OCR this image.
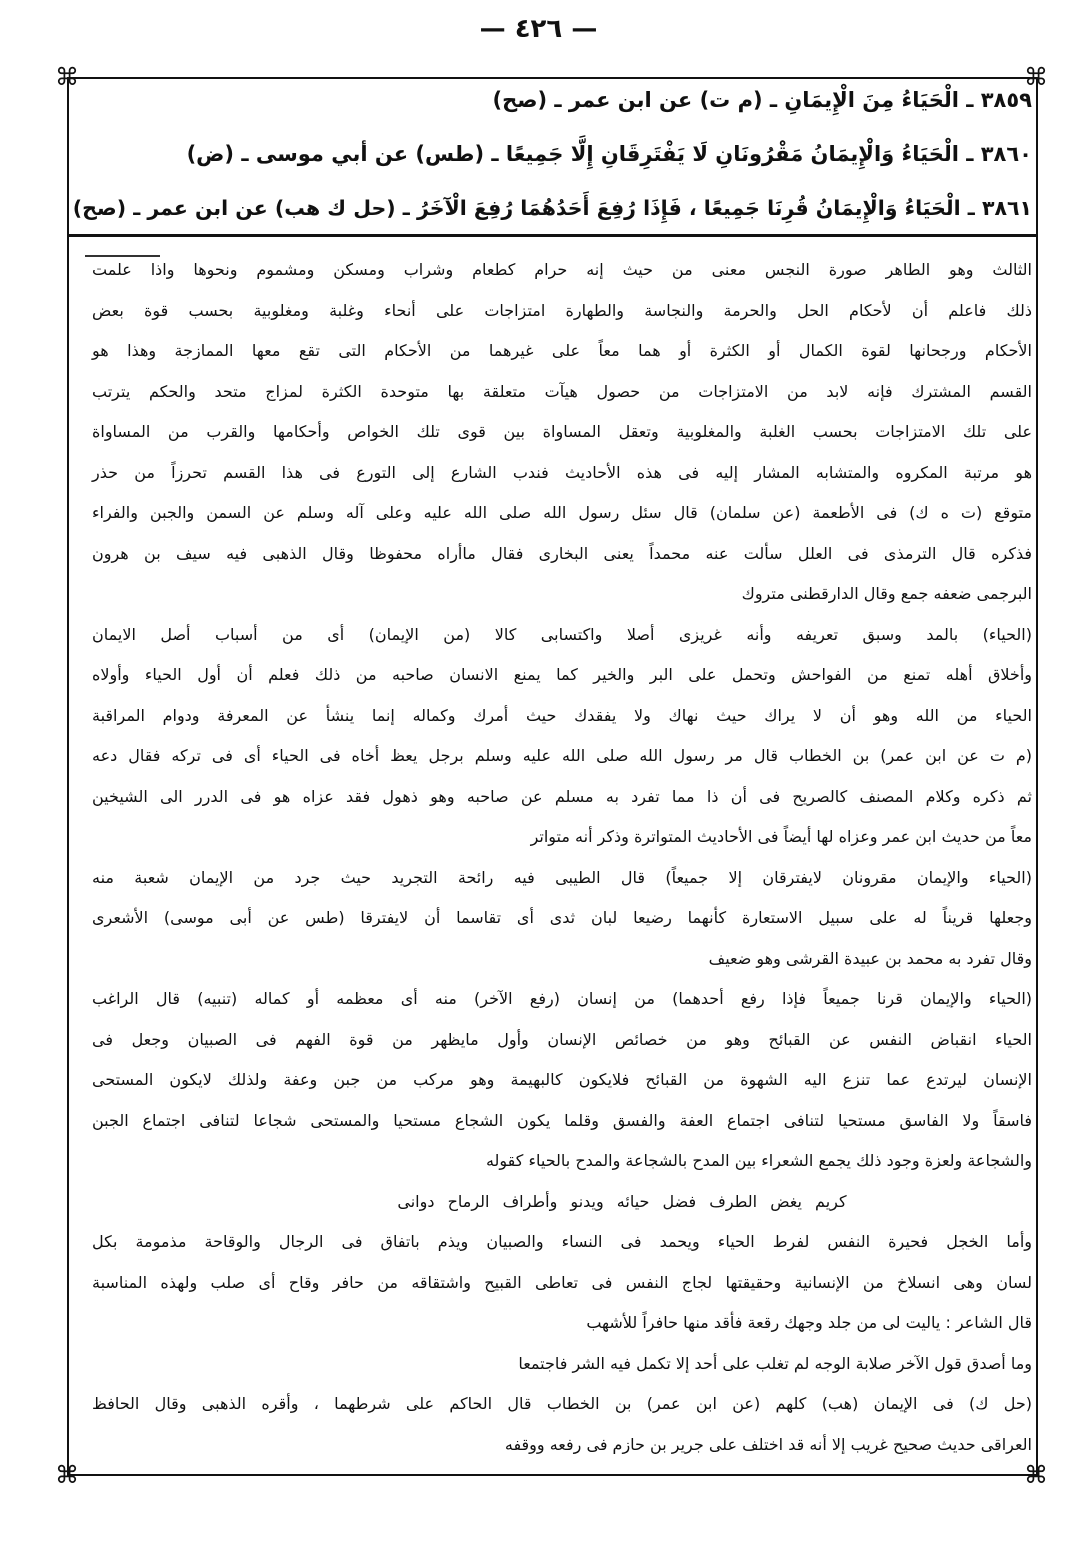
— ٤٢٦ —
⌘	⌘
⌘	⌘
٣٨٥٩ ـ الْحَيَاءُ مِنَ الْإِيمَانِ ـ (م ت) عن ابن عمر ـ (صح)
٣٨٦٠ ـ الْحَيَاءُ وَالْإِيمَانُ مَقْرُونَانِ لَا يَفْتَرِقَانِ إِلَّا جَمِيعًا ـ (طس) عن أبي موسى ـ (ض)
٣٨٦١ ـ الْحَيَاءُ وَالْإِيمَانُ قُرِنَا جَمِيعًا ، فَإِذَا رُفِعَ أَحَدُهُمَا رُفِعَ الْآخَرُ ـ (حل ك هب) عن ابن عمر ـ (صح)
الثالث وهو الطاهر صورة النجس معنى من حيث إنه حرام كطعام وشراب ومسكن ومشموم ونحوها واذا علمت
ذلك فاعلم أن لأحكام الحل والحرمة والنجاسة والطهارة امتزاجات على أنحاء وغلبة ومغلوبية بحسب قوة بعض
الأحكام ورجحانها لقوة الكمال أو الكثرة أو هما معاً على غيرهما من الأحكام التى تقع معها الممازجة وهذا هو
القسم المشترك فإنه لابد من الامتزاجات من حصول هيآت متعلقة بها متوحدة الكثرة لمزاج متحد والحكم يترتب
على تلك الامتزاجات بحسب الغلبة والمغلوبية وتعقل المساواة بين قوى تلك الخواص وأحكامها والقرب من المساواة
هو مرتبة المكروه والمتشابه المشار إليه فى هذه الأحاديث فندب الشارع إلى التورع فى هذا القسم تحرزاً من حذر
متوقع (ت ه ك) فى الأطعمة (عن سلمان) قال سئل رسول الله صلى الله عليه وعلى آله وسلم عن السمن والجبن والفراء
فذكره قال الترمذى فى العلل سألت عنه محمداً يعنى البخارى فقال ماأراه محفوظا وقال الذهبى فيه سيف بن هرون
البرجمى ضعفه جمع وقال الدارقطنى متروك
(الحياء) بالمد وسبق تعريفه وأنه غريزى أصلا واكتسابى كالا (من الإيمان) أى من أسباب أصل الايمان
وأخلاق أهله تمنع من الفواحش وتحمل على البر والخير كما يمنع الانسان صاحبه من ذلك فعلم أن أول الحياء وأولاه
الحياء من الله وهو أن لا يراك حيث نهاك ولا يفقدك حيث أمرك وكماله إنما ينشأ عن المعرفة ودوام المراقبة
(م ت عن ابن عمر) بن الخطاب قال مر رسول الله صلى الله عليه وسلم برجل يعظ أخاه فى الحياء أى فى تركه فقال دعه
ثم ذكره وكلام المصنف كالصريح فى أن ذا مما تفرد به مسلم عن صاحبه وهو ذهول فقد عزاه هو فى الدرر الى الشيخين
معاً من حديث ابن عمر وعزاه لها أيضاً فى الأحاديث المتواترة وذكر أنه متواتر
(الحياء والإيمان مقرونان لايفترقان إلا جميعاً) قال الطيبى فيه رائحة التجريد حيث جرد من الإيمان شعبة منه
وجعلها قريناً له على سبيل الاستعارة كأنهما رضيعا لبان ثدى أى تقاسما أن لايفترقا (طس عن أبى موسى) الأشعرى
وقال تفرد به محمد بن عبيدة القرشى وهو ضعيف
(الحياء والإيمان قرنا جميعاً فإذا رفع أحدهما) من إنسان (رفع الآخر) منه أى معظمه أو كماله (تنبيه) قال الراغب
الحياء انقباض النفس عن القبائح وهو من خصائص الإنسان وأول مايظهر من قوة الفهم فى الصبيان وجعل فى
الإنسان ليرتدع عما تنزع اليه الشهوة من القبائح فلايكون كالبهيمة وهو مركب من جبن وعفة ولذلك لايكون المستحى
فاسقاً ولا الفاسق مستحيا لتنافى اجتماع العفة والفسق وقلما يكون الشجاع مستحيا والمستحى شجاعا لتنافى اجتماع الجبن
والشجاعة ولعزة وجود ذلك يجمع الشعراء بين المدح بالشجاعة والمدح بالحياء كقوله
كريم يغض الطرف فضل حيائه ويدنو وأطراف الرماح دوانى
وأما الخجل فحيرة النفس لفرط الحياء ويحمد فى النساء والصبيان ويذم باتفاق فى الرجال والوقاحة مذمومة بكل
لسان وهى انسلاخ من الإنسانية وحقيقتها لجاج النفس فى تعاطى القبيح واشتقاقه من حافر وقاح أى صلب ولهذه المناسبة
قال الشاعر : ياليت لى من جلد وجهك رقعة فأقد منها حافراً للأشهب
وما أصدق قول الآخر صلابة الوجه لم تغلب على أحد إلا تكمل فيه الشر فاجتمعا
(حل ك) فى الإيمان (هب) كلهم (عن ابن عمر) بن الخطاب قال الحاكم على شرطهما ، وأقره الذهبى وقال الحافظ
العراقى حديث صحيح غريب إلا أنه قد اختلف على جرير بن حازم فى رفعه ووقفه
